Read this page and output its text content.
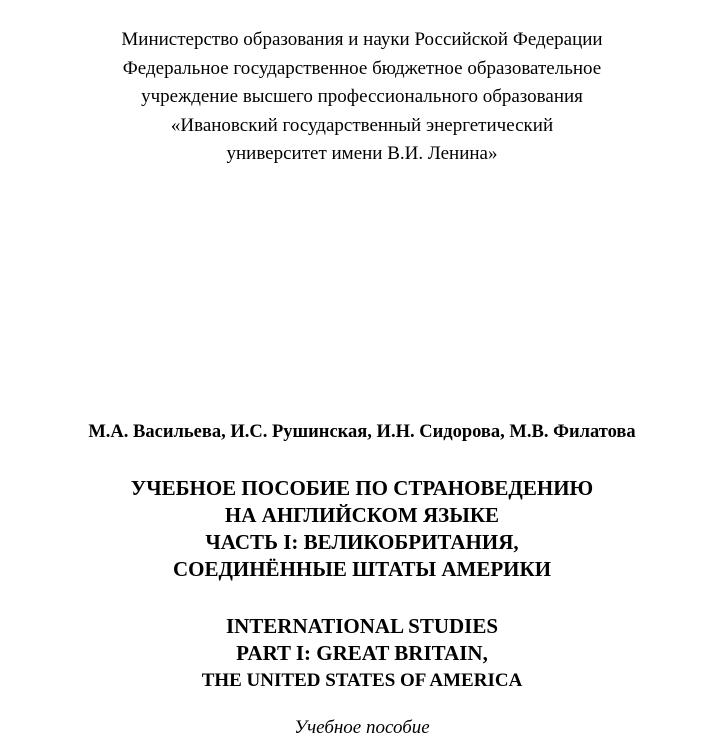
Министерство образования и науки Российской Федерации
Федеральное государственное бюджетное образовательное
учреждение высшего профессионального образования
«Ивановский государственный энергетический
университет имени В.И. Ленина»
М.А. Васильева, И.С. Рушинская, И.Н. Сидорова, М.В. Филатова
УЧЕБНОЕ ПОСОБИЕ ПО СТРАНОВЕДЕНИЮ
НА АНГЛИЙСКОМ ЯЗЫКЕ
ЧАСТЬ I: ВЕЛИКОБРИТАНИЯ,
СОЕДИНЁННЫЕ ШТАТЫ АМЕРИКИ
INTERNATIONAL STUDIES
PART I: GREAT BRITAIN,
THE UNITED STATES OF AMERICA
Учебное пособие
